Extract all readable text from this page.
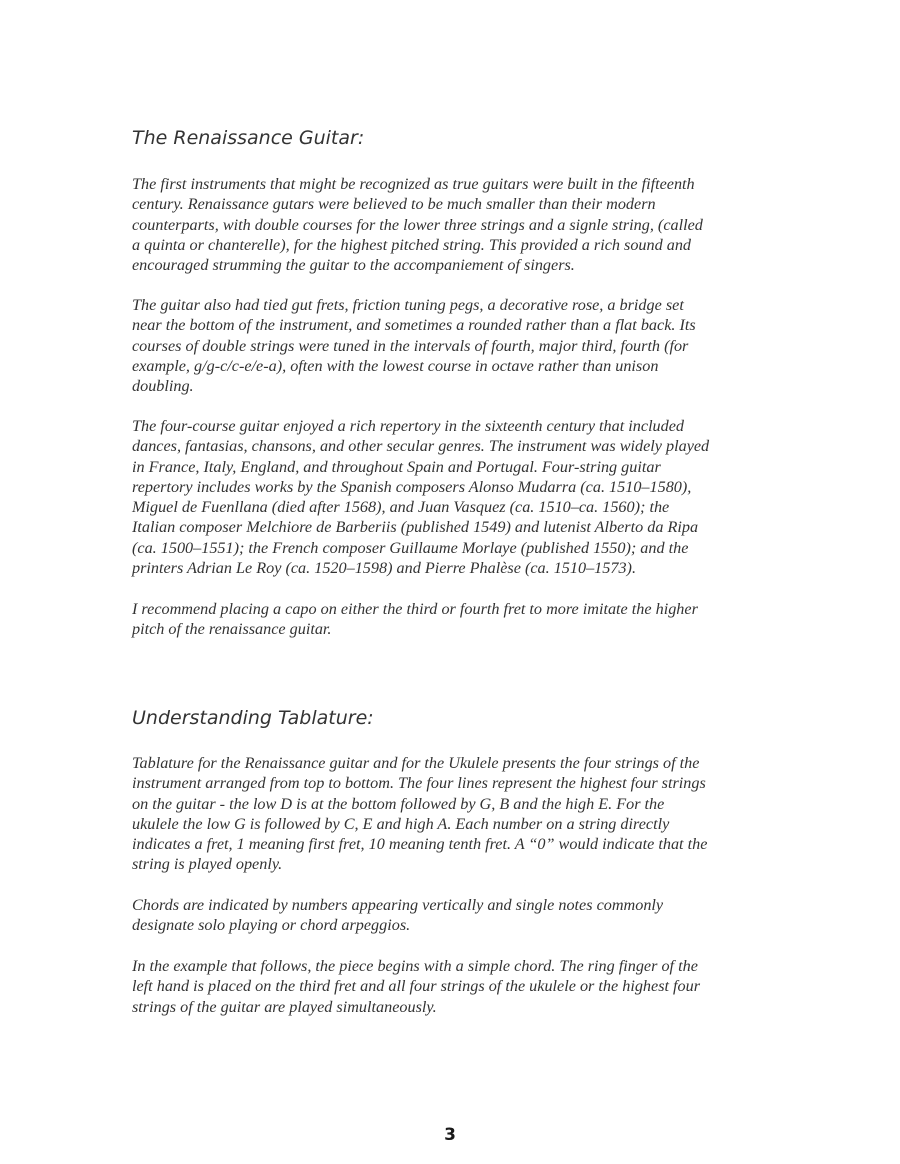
The Renaissance Guitar:

The first instruments that might be recognized as true guitars were built in the fifteenth
century. Renaissance gutars were believed to be much smaller than their modern
counterparts, with double courses for the lower three strings and a signle string, (called
a quinta or chanterelle), for the highest pitched string. This provided a rich sound and
encouraged strumming the guitar to the accompaniement of singers.

The guitar also had tied gut frets, friction tuning pegs, a decorative rose, a bridge set
near the bottom of the instrument, and sometimes a rounded rather than a flat back. Its
courses of double strings were tuned in the intervals of fourth, major third, fourth (for
example, g/g-c/c-e/e-a), often with the lowest course in octave rather than unison
doubling.

The four-course guitar enjoyed a rich repertory in the sixteenth century that included
dances, fantasias, chansons, and other secular genres. The instrument was widely played
in France, Italy, England, and throughout Spain and Portugal. Four-string guitar
repertory includes works by the Spanish composers Alonso Mudarra (ca. 1510–1580),
Miguel de Fuenllana (died after 1568), and Juan Vasquez (ca. 1510–ca. 1560); the
Italian composer Melchiore de Barberiis (published 1549) and lutenist Alberto da Ripa
(ca. 1500–1551); the French composer Guillaume Morlaye (published 1550); and the
printers Adrian Le Roy (ca. 1520–1598) and Pierre Phalèse (ca. 1510–1573).

I recommend placing a capo on either the third or fourth fret to more imitate the higher
pitch of the renaissance guitar.

Understanding Tablature:

Tablature for the Renaissance guitar and for the Ukulele presents the four strings of the
instrument arranged from top to bottom. The four lines represent the highest four strings
on the guitar - the low D is at the bottom followed by G, B and the high E. For the
ukulele the low G is followed by C, E and high A. Each number on a string directly
indicates a fret, 1 meaning first fret, 10 meaning tenth fret. A “0” would indicate that the
string is played openly.

Chords are indicated by numbers appearing vertically and single notes commonly
designate solo playing or chord arpeggios.

In the example that follows, the piece begins with a simple chord. The ring finger of the
left hand is placed on the third fret and all four strings of the ukulele or the highest four
strings of the guitar are played simultaneously.

3
